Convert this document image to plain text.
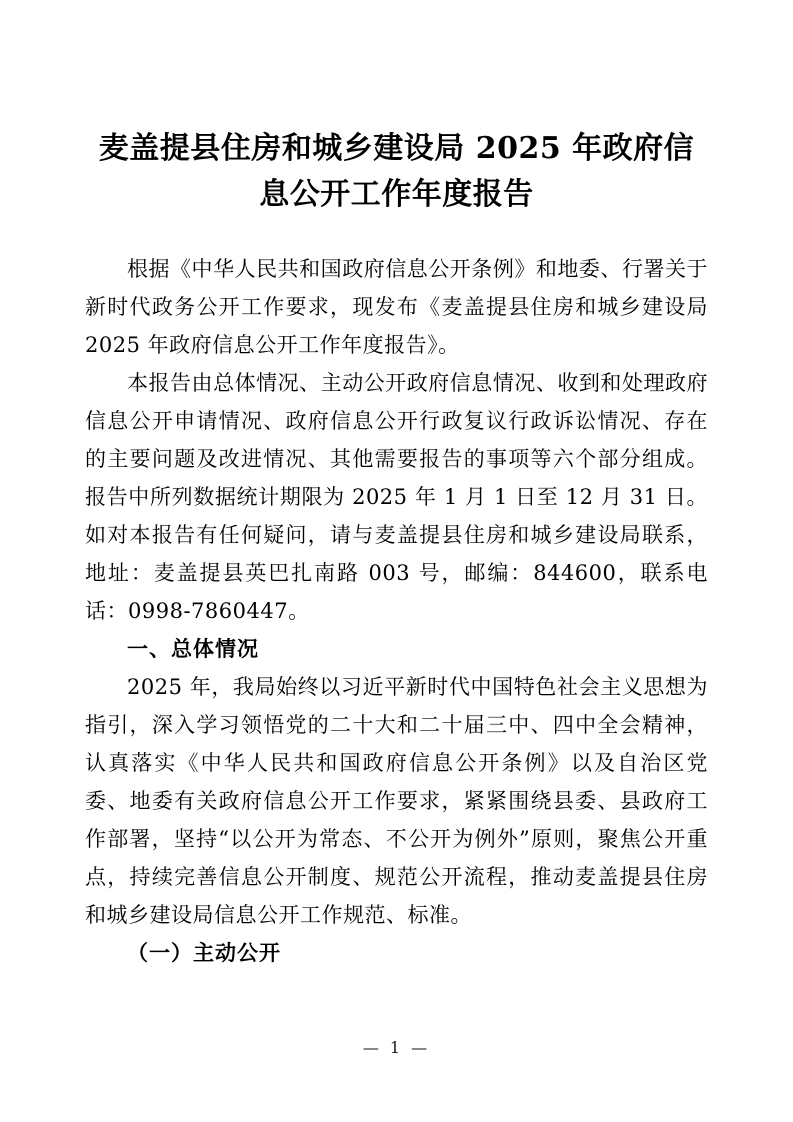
麦盖提县住房和城乡建设局 2025 年政府信息公开工作年度报告

根据《中华人民共和国政府信息公开条例》和地委、行署关于新时代政务公开工作要求，现发布《麦盖提县住房和城乡建设局 2025 年政府信息公开工作年度报告》。

本报告由总体情况、主动公开政府信息情况、收到和处理政府信息公开申请情况、政府信息公开行政复议行政诉讼情况、存在的主要问题及改进情况、其他需要报告的事项等六个部分组成。报告中所列数据统计期限为 2025 年 1 月 1 日至 12 月 31 日。如对本报告有任何疑问，请与麦盖提县住房和城乡建设局联系，地址：麦盖提县英巴扎南路 003 号，邮编：844600，联系电话：0998-7860447。

一、总体情况

2025 年，我局始终以习近平新时代中国特色社会主义思想为指引，深入学习领悟党的二十大和二十届三中、四中全会精神，认真落实《中华人民共和国政府信息公开条例》以及自治区党委、地委有关政府信息公开工作要求，紧紧围绕县委、县政府工作部署，坚持“以公开为常态、不公开为例外”原则，聚焦公开重点，持续完善信息公开制度、规范公开流程，推动麦盖提县住房和城乡建设局信息公开工作规范、标准。

（一）主动公开
— 1 —
